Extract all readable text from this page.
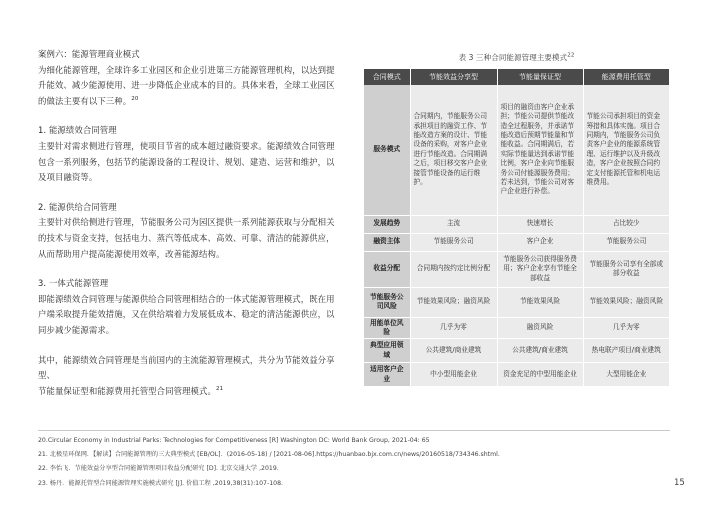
案例六：能源管理商业模式

为细化能源管理，全球许多工业园区和企业引进第三方能源管理机构，以达到提

升能效、减少能源使用、进一步降低企业成本的目的。具体来看，全球工业园区

的做法主要有以下三种。$^{20}$

1. 能源绩效合同管理

主要针对需求侧进行管理，使项目节省的成本超过融资要求。能源绩效合同管理

包含一系列服务，包括节约能源设备的工程设计、规划、建造、运营和维护，以

及项目融资等。

2. 能源供给合同管理

主要针对供给侧进行管理，节能服务公司为园区提供一系列能源获取与分配相关

的技术与资金支持，包括电力、蒸汽等低成本、高效、可靠、清洁的能源供应，

从而帮助用户提高能源使用效率，改善能源结构。

3. 一体式能源管理

即能源绩效合同管理与能源供给合同管理相结合的一体式能源管理模式，既在用

户端采取提升能效措施，又在供给端着力发展低成本、稳定的清洁能源供应，以

同步减少能源需求。

其中，能源绩效合同管理是当前国内的主流能源管理模式，共分为节能效益分享型、

节能量保证型和能源费用托管型合同管理模式。$^{21}$

表 3 三种合同能源管理主要模式$^{22}$
合同模式	节能效益分享型	节能量保证型	能源费用托管型
服务模式	合同期内，节能服务公司承担项目的融资工作、节能改造方案的设计、节能设备的采购，对客户企业进行节能改造。合同期满之后，项目移交客户企业接管节能设备的运行维护。	项目的融资由客户企业承担；节能公司提供节能改造全过程服务，并承诺节能改造后预期节能量和节能收益。合同期满后，若实际节能量达到承诺节能比例，客户企业向节能服务公司付能源服务费用；若未达到，节能公司对客户企业进行补偿。	节能公司承担项目的资金筹措和具体实施。项目合同期内，节能服务公司负责客户企业的能源系统管理、运行维护以及升级改造，客户企业按照合同约定支付能源托管和机电运维费用。
发展趋势	主流	快速增长	占比较少
融资主体	节能服务公司	客户企业	节能服务公司
收益分配	合同期内按约定比例分配	节能服务公司获得服务费用；客户企业享有节能全部收益	节能服务公司享有全部或部分收益
节能服务公司风险	节能效果风险；融资风险	节能效果风险	节能效果风险；融资风险
用能单位风险	几乎为零	融资风险	几乎为零
典型应用领域	公共建筑/商业建筑	公共建筑/商业建筑	热电联产项目/商业建筑
适用客户企业	中小型用能企业	资金充足的中型用能企业	大型用能企业

20.Circular Economy in Industrial Parks: Technologies for Competitiveness [R] Washington DC: World Bank Group, 2021-04: 65

21. 北极星环保网．【解读】合同能源管理的三大典型模式 [EB/OL]．(2016-05-18) / [2021-08-06].https://huanbao.bjx.com.cn/news/20160518/734346.shtml.

22. 李怡飞．节能效益分享型合同能源管理项目收益分配研究 [D]. 北京交通大学 ,2019.

23. 杨丹．能源托管型合同能源管理实施模式研究 [J]. 价值工程 ,2019,38(31):107-108.	15
